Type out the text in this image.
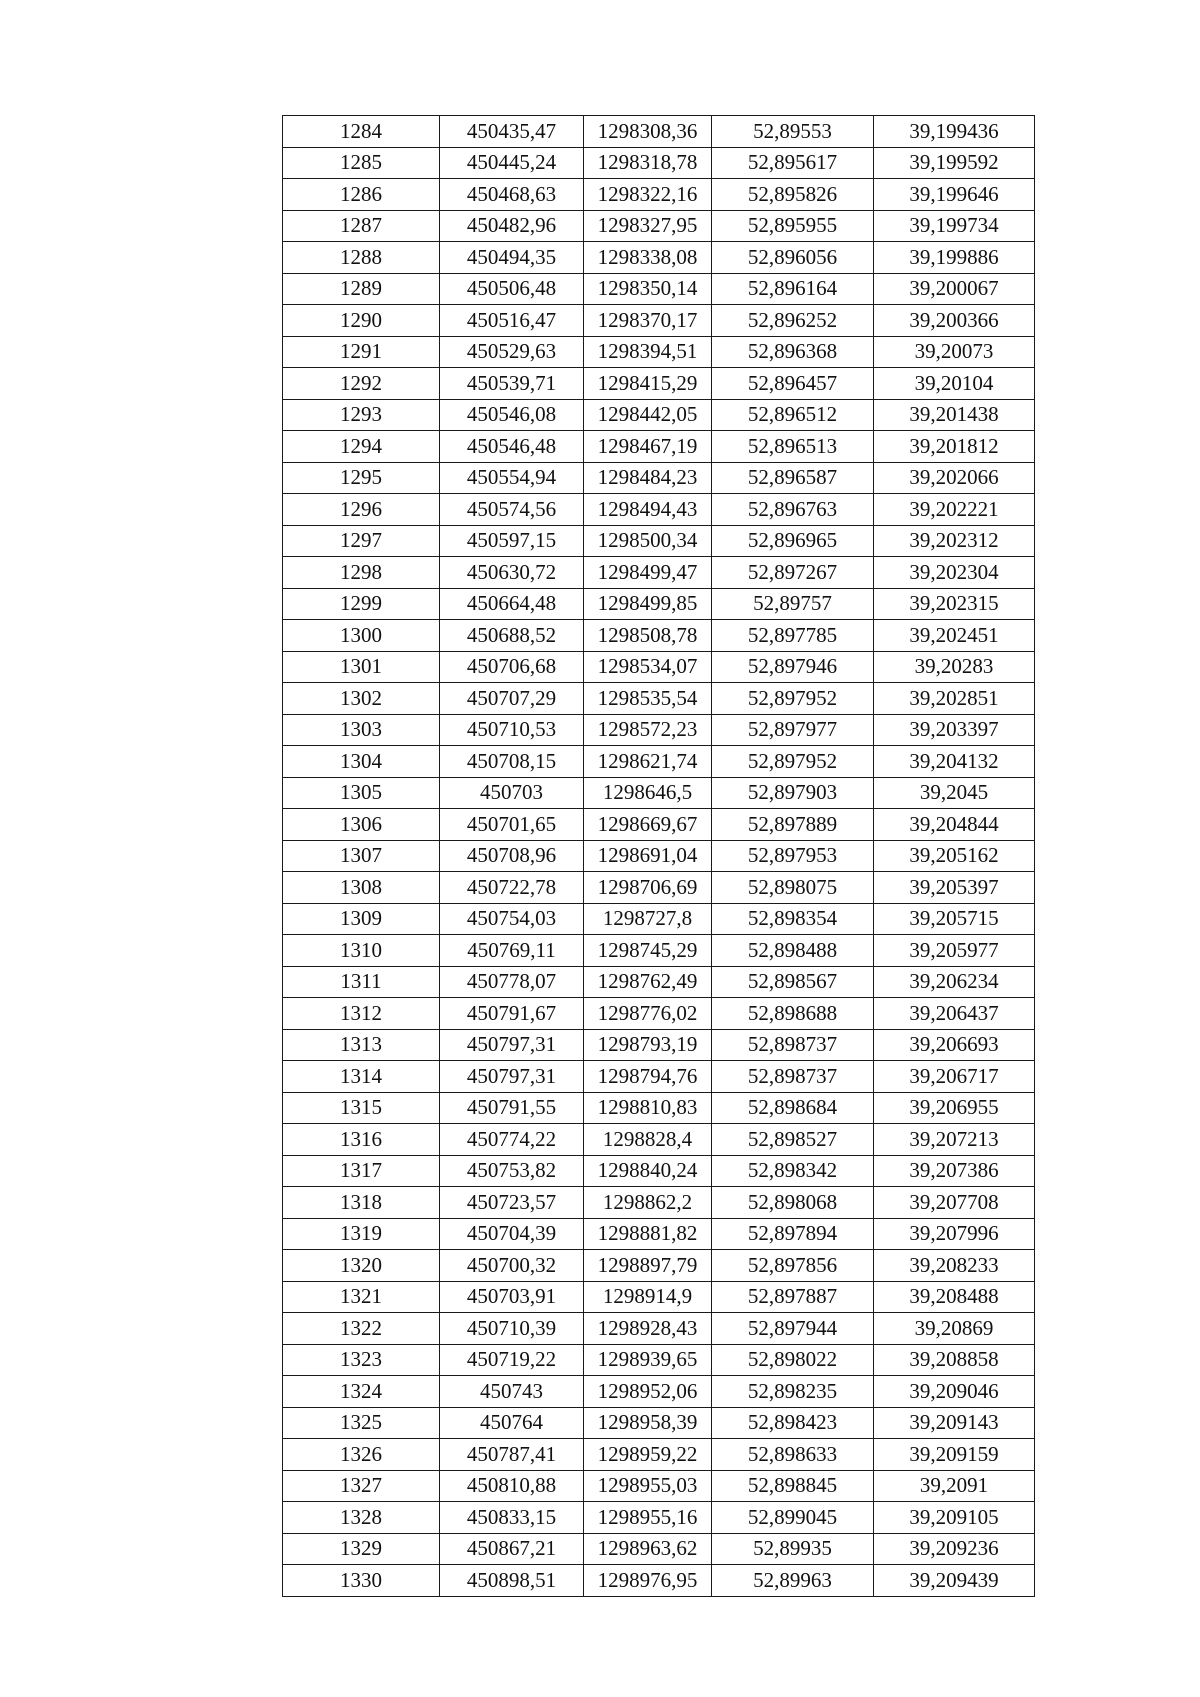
1284	450435,47	1298308,36	52,89553	39,199436
1285	450445,24	1298318,78	52,895617	39,199592
1286	450468,63	1298322,16	52,895826	39,199646
1287	450482,96	1298327,95	52,895955	39,199734
1288	450494,35	1298338,08	52,896056	39,199886
1289	450506,48	1298350,14	52,896164	39,200067
1290	450516,47	1298370,17	52,896252	39,200366
1291	450529,63	1298394,51	52,896368	39,20073
1292	450539,71	1298415,29	52,896457	39,20104
1293	450546,08	1298442,05	52,896512	39,201438
1294	450546,48	1298467,19	52,896513	39,201812
1295	450554,94	1298484,23	52,896587	39,202066
1296	450574,56	1298494,43	52,896763	39,202221
1297	450597,15	1298500,34	52,896965	39,202312
1298	450630,72	1298499,47	52,897267	39,202304
1299	450664,48	1298499,85	52,89757	39,202315
1300	450688,52	1298508,78	52,897785	39,202451
1301	450706,68	1298534,07	52,897946	39,20283
1302	450707,29	1298535,54	52,897952	39,202851
1303	450710,53	1298572,23	52,897977	39,203397
1304	450708,15	1298621,74	52,897952	39,204132
1305	450703	1298646,5	52,897903	39,2045
1306	450701,65	1298669,67	52,897889	39,204844
1307	450708,96	1298691,04	52,897953	39,205162
1308	450722,78	1298706,69	52,898075	39,205397
1309	450754,03	1298727,8	52,898354	39,205715
1310	450769,11	1298745,29	52,898488	39,205977
1311	450778,07	1298762,49	52,898567	39,206234
1312	450791,67	1298776,02	52,898688	39,206437
1313	450797,31	1298793,19	52,898737	39,206693
1314	450797,31	1298794,76	52,898737	39,206717
1315	450791,55	1298810,83	52,898684	39,206955
1316	450774,22	1298828,4	52,898527	39,207213
1317	450753,82	1298840,24	52,898342	39,207386
1318	450723,57	1298862,2	52,898068	39,207708
1319	450704,39	1298881,82	52,897894	39,207996
1320	450700,32	1298897,79	52,897856	39,208233
1321	450703,91	1298914,9	52,897887	39,208488
1322	450710,39	1298928,43	52,897944	39,20869
1323	450719,22	1298939,65	52,898022	39,208858
1324	450743	1298952,06	52,898235	39,209046
1325	450764	1298958,39	52,898423	39,209143
1326	450787,41	1298959,22	52,898633	39,209159
1327	450810,88	1298955,03	52,898845	39,2091
1328	450833,15	1298955,16	52,899045	39,209105
1329	450867,21	1298963,62	52,89935	39,209236
1330	450898,51	1298976,95	52,89963	39,209439
